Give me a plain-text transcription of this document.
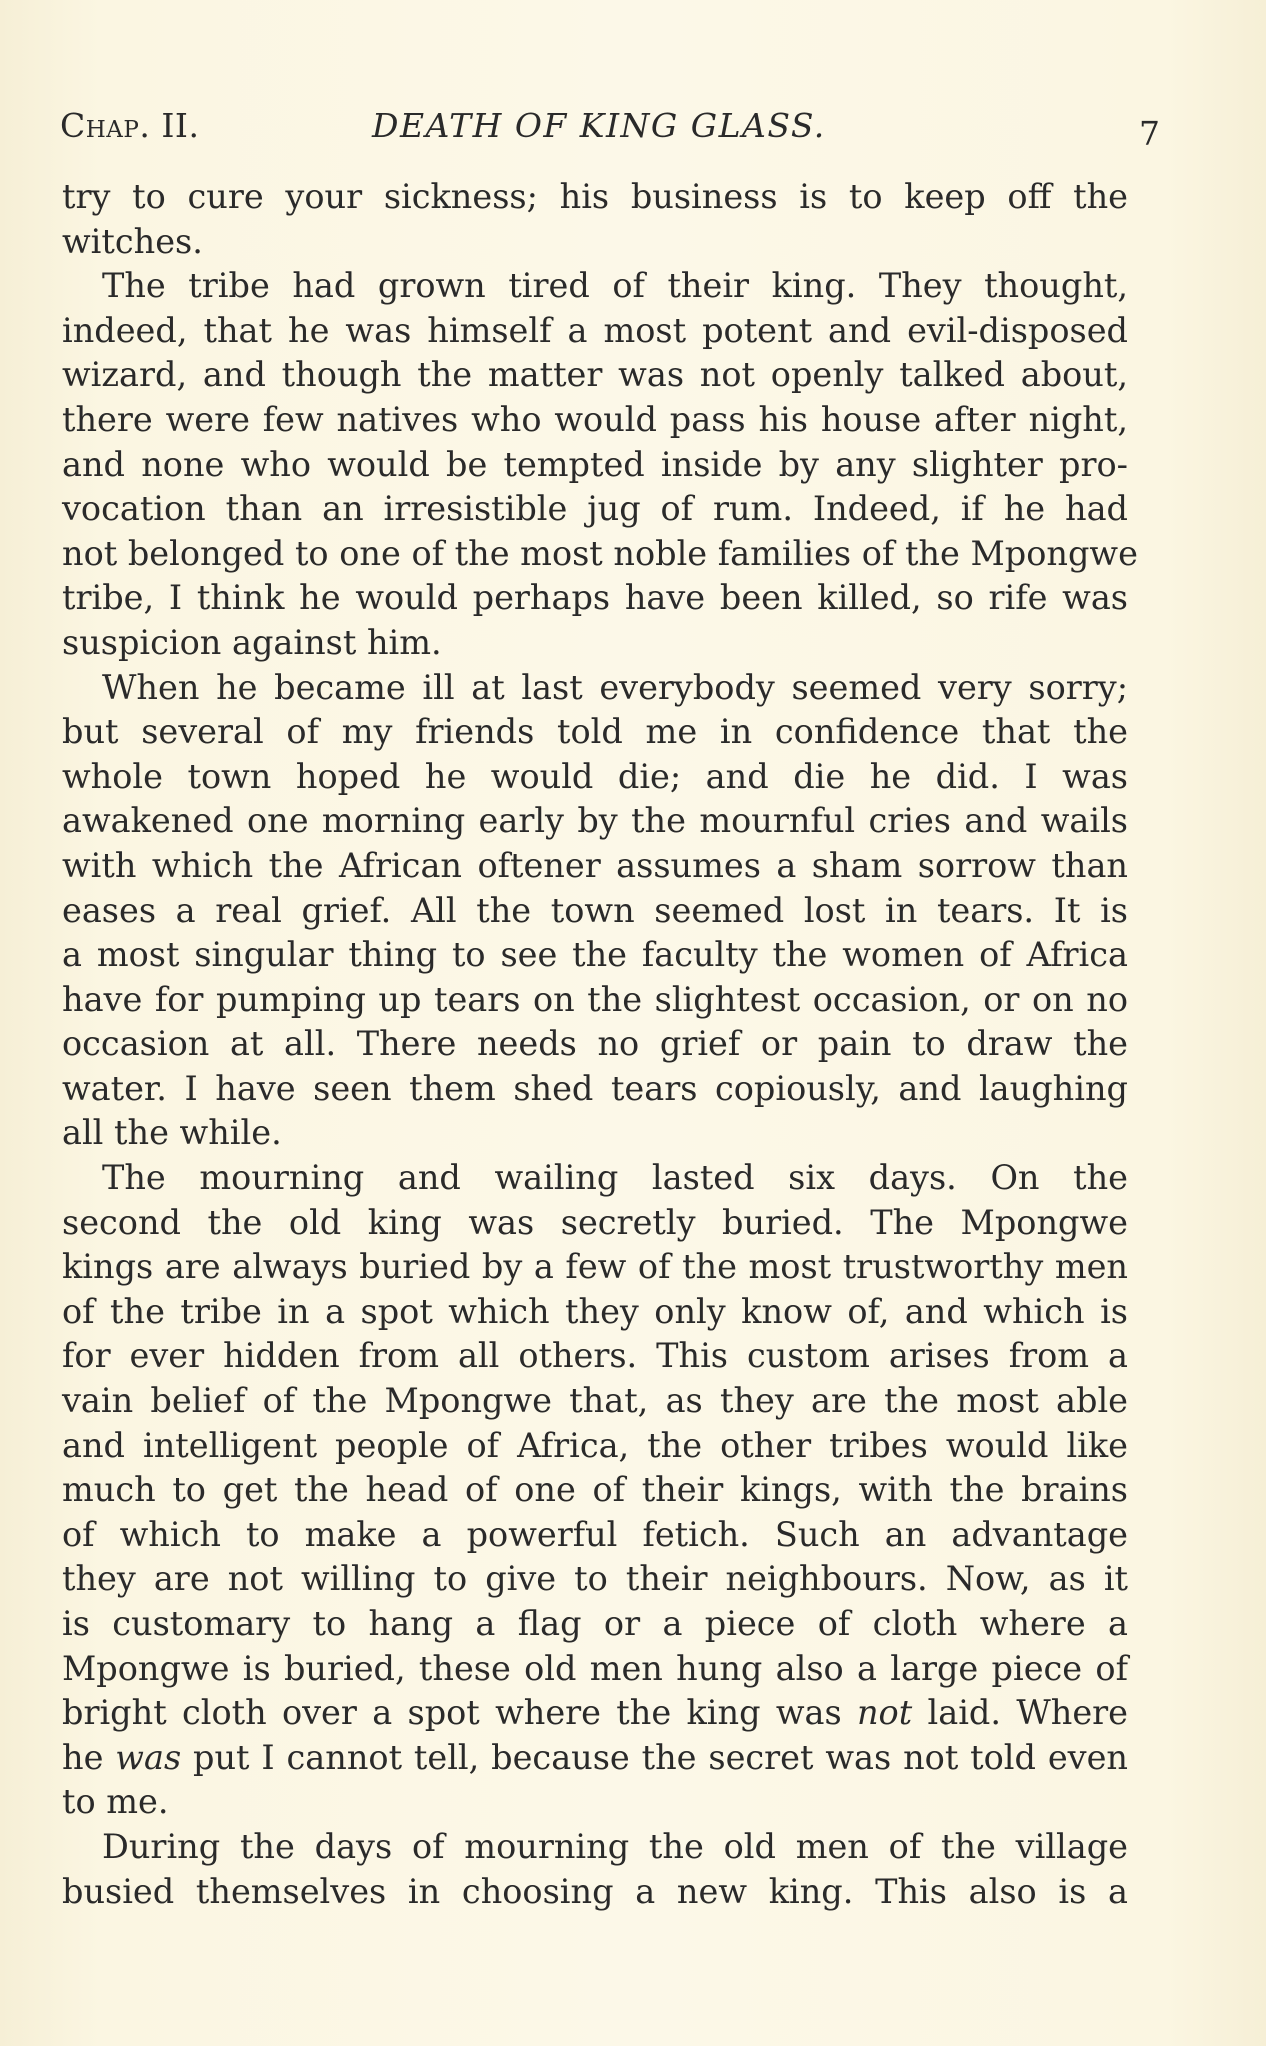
Chap. II.	DEATH OF KING GLASS.	7
try to cure your sickness; his business is to keep off the
witches.
The tribe had grown tired of their king. They thought,
indeed, that he was himself a most potent and evil-disposed
wizard, and though the matter was not openly talked about,
there were few natives who would pass his house after night,
and none who would be tempted inside by any slighter pro-
vocation than an irresistible jug of rum. Indeed, if he had
not belonged to one of the most noble families of the Mpongwe
tribe, I think he would perhaps have been killed, so rife was
suspicion against him.
When he became ill at last everybody seemed very sorry;
but several of my friends told me in confidence that the
whole town hoped he would die; and die he did. I was
awakened one morning early by the mournful cries and wails
with which the African oftener assumes a sham sorrow than
eases a real grief. All the town seemed lost in tears. It is
a most singular thing to see the faculty the women of Africa
have for pumping up tears on the slightest occasion, or on no
occasion at all. There needs no grief or pain to draw the
water. I have seen them shed tears copiously, and laughing
all the while.
The mourning and wailing lasted six days. On the
second the old king was secretly buried. The Mpongwe
kings are always buried by a few of the most trustworthy men
of the tribe in a spot which they only know of, and which is
for ever hidden from all others. This custom arises from a
vain belief of the Mpongwe that, as they are the most able
and intelligent people of Africa, the other tribes would like
much to get the head of one of their kings, with the brains
of which to make a powerful fetich. Such an advantage
they are not willing to give to their neighbours. Now, as it
is customary to hang a flag or a piece of cloth where a
Mpongwe is buried, these old men hung also a large piece of
bright cloth over a spot where the king was not laid. Where
he was put I cannot tell, because the secret was not told even
to me.
During the days of mourning the old men of the village
busied themselves in choosing a new king. This also is a
